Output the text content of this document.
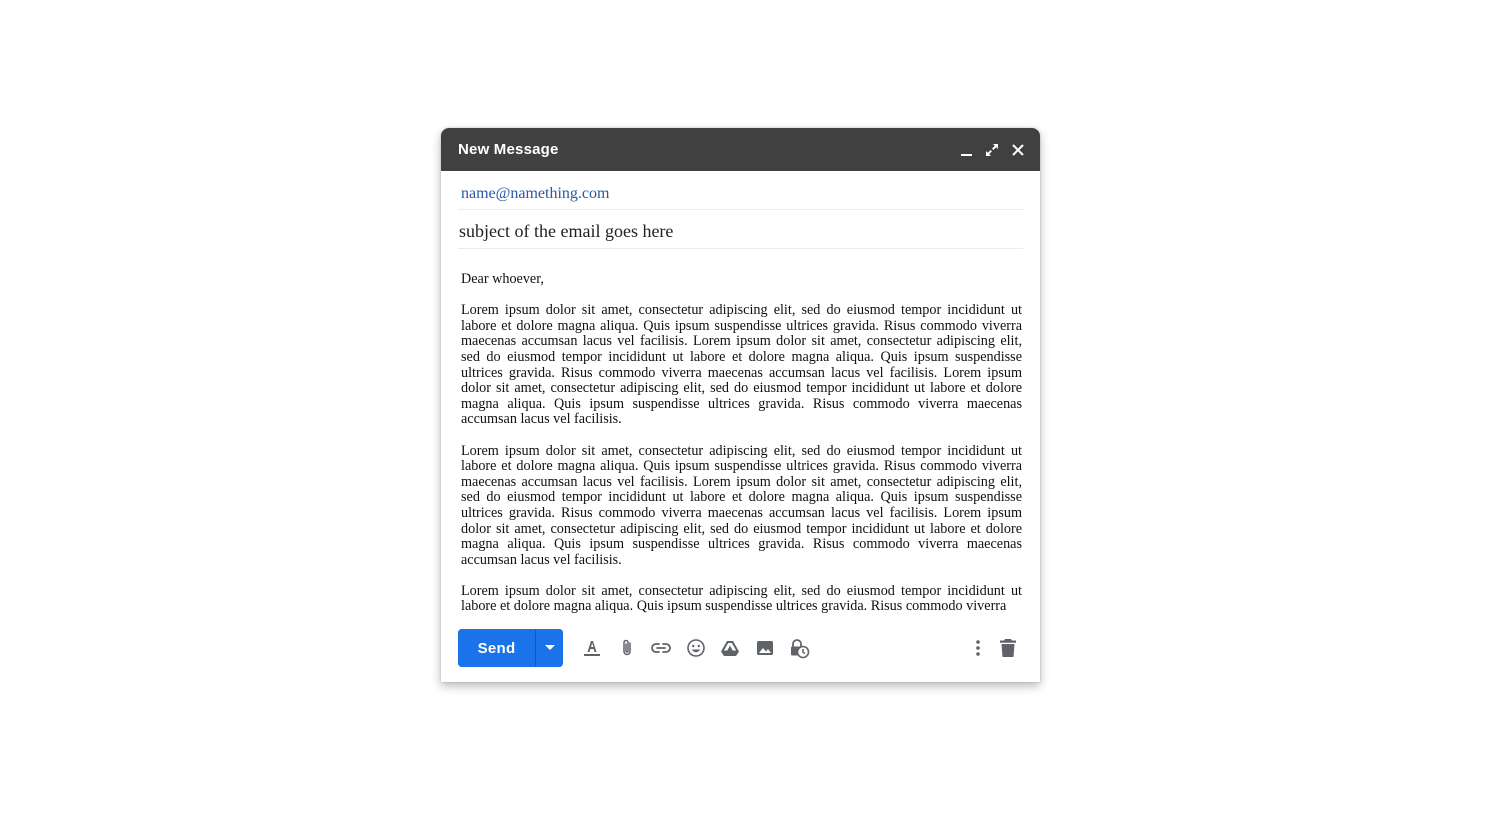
New Message
name@namething.com
subject of the email goes here

Dear whoever,

Lorem ipsum dolor sit amet, consectetur adipiscing elit, sed do eiusmod tempor incididunt ut labore et dolore magna aliqua. Quis ipsum suspendisse ultrices gravida. Risus commodo viverra maecenas accumsan lacus vel facilisis. Lorem ipsum dolor sit amet, consectetur adipiscing elit, sed do eiusmod tempor incididunt ut labore et dolore magna aliqua. Quis ipsum suspendisse ultrices gravida. Risus commodo viverra maecenas accumsan lacus vel facilisis. Lorem ipsum dolor sit amet, consectetur adipiscing elit, sed do eiusmod tempor incididunt ut labore et dolore magna aliqua. Quis ipsum suspendisse ultrices gravida. Risus commodo viverra maecenas accumsan lacus vel facilisis.

Lorem ipsum dolor sit amet, consectetur adipiscing elit, sed do eiusmod tempor incididunt ut labore et dolore magna aliqua. Quis ipsum suspendisse ultrices gravida. Risus commodo viverra maecenas accumsan lacus vel facilisis. Lorem ipsum dolor sit amet, consectetur adipiscing elit, sed do eiusmod tempor incididunt ut labore et dolore magna aliqua. Quis ipsum suspendisse ultrices gravida. Risus commodo viverra maecenas accumsan lacus vel facilisis. Lorem ipsum dolor sit amet, consectetur adipiscing elit, sed do eiusmod tempor incididunt ut labore et dolore magna aliqua. Quis ipsum suspendisse ultrices gravida. Risus commodo viverra maecenas accumsan lacus vel facilisis.

Lorem ipsum dolor sit amet, consectetur adipiscing elit, sed do eiusmod tempor incididunt ut labore et dolore magna aliqua. Quis ipsum suspendisse ultrices gravida. Risus commodo viverra

Send
